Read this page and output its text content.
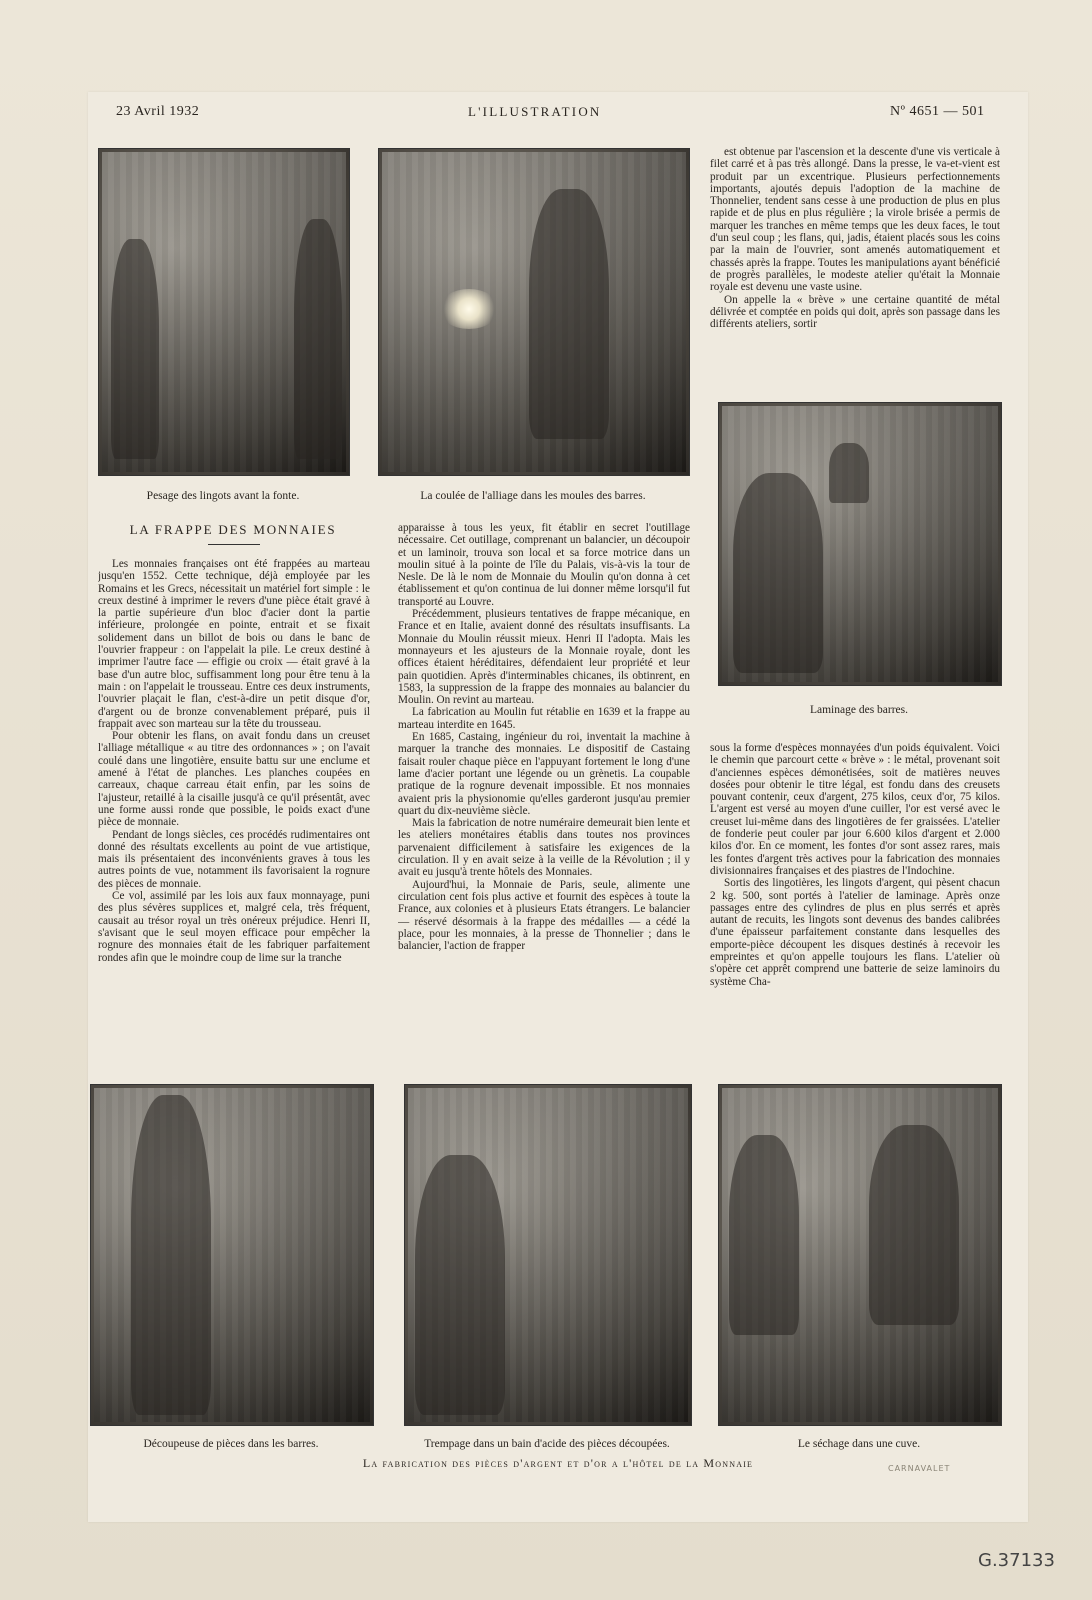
23 Avril 1932	L'ILLUSTRATION	Nº 4651 — 501
Pesage des lingots avant la fonte.	La coulée de l'alliage dans les moules des barres.

est obtenue par l'ascension et la descente d'une vis verticale à filet carré et à pas très allongé. Dans la presse, le va-et-vient est produit par un excentrique. Plusieurs perfectionnements importants, ajoutés depuis l'adoption de la machine de Thonnelier, tendent sans cesse à une production de plus en plus rapide et de plus en plus régulière ; la virole brisée a permis de marquer les tranches en même temps que les deux faces, le tout d'un seul coup ; les flans, qui, jadis, étaient placés sous les coins par la main de l'ouvrier, sont amenés automatiquement et chassés après la frappe. Toutes les manipulations ayant bénéficié de progrès parallèles, le modeste atelier qu'était la Monnaie royale est devenu une vaste usine.

On appelle la « brève » une certaine quantité de métal délivrée et comptée en poids qui doit, après son passage dans les différents ateliers, sortir

Laminage des barres.
LA FRAPPE DES MONNAIES

Les monnaies françaises ont été frappées au marteau jusqu'en 1552. Cette technique, déjà employée par les Romains et les Grecs, nécessitait un matériel fort simple : le creux destiné à imprimer le revers d'une pièce était gravé à la partie supérieure d'un bloc d'acier dont la partie inférieure, prolongée en pointe, entrait et se fixait solidement dans un billot de bois ou dans le banc de l'ouvrier frappeur : on l'appelait la pile. Le creux destiné à imprimer l'autre face — effigie ou croix — était gravé à la base d'un autre bloc, suffisamment long pour être tenu à la main : on l'appelait le trousseau. Entre ces deux instruments, l'ouvrier plaçait le flan, c'est-à-dire un petit disque d'or, d'argent ou de bronze convenablement préparé, puis il frappait avec son marteau sur la tête du trousseau.

Pour obtenir les flans, on avait fondu dans un creuset l'alliage métallique « au titre des ordonnances » ; on l'avait coulé dans une lingotière, ensuite battu sur une enclume et amené à l'état de planches. Les planches coupées en carreaux, chaque carreau était enfin, par les soins de l'ajusteur, retaillé à la cisaille jusqu'à ce qu'il présentât, avec une forme aussi ronde que possible, le poids exact d'une pièce de monnaie.

Pendant de longs siècles, ces procédés rudimentaires ont donné des résultats excellents au point de vue artistique, mais ils présentaient des inconvénients graves à tous les autres points de vue, notamment ils favorisaient la rognure des pièces de monnaie.

Ce vol, assimilé par les lois aux faux monnayage, puni des plus sévères supplices et, malgré cela, très fréquent, causait au trésor royal un très onéreux préjudice. Henri II, s'avisant que le seul moyen efficace pour empêcher la rognure des monnaies était de les fabriquer parfaitement rondes afin que le moindre coup de lime sur la tranche

apparaisse à tous les yeux, fit établir en secret l'outillage nécessaire. Cet outillage, comprenant un balancier, un découpoir et un laminoir, trouva son local et sa force motrice dans un moulin situé à la pointe de l'île du Palais, vis-à-vis la tour de Nesle. De là le nom de Monnaie du Moulin qu'on donna à cet établissement et qu'on continua de lui donner même lorsqu'il fut transporté au Louvre.

Précédemment, plusieurs tentatives de frappe mécanique, en France et en Italie, avaient donné des résultats insuffisants. La Monnaie du Moulin réussit mieux. Henri II l'adopta. Mais les monnayeurs et les ajusteurs de la Monnaie royale, dont les offices étaient héréditaires, défendaient leur propriété et leur pain quotidien. Après d'interminables chicanes, ils obtinrent, en 1583, la suppression de la frappe des monnaies au balancier du Moulin. On revint au marteau.

La fabrication au Moulin fut rétablie en 1639 et la frappe au marteau interdite en 1645.

En 1685, Castaing, ingénieur du roi, inventait la machine à marquer la tranche des monnaies. Le dispositif de Castaing faisait rouler chaque pièce en l'appuyant fortement le long d'une lame d'acier portant une légende ou un grènetis. La coupable pratique de la rognure devenait impossible. Et nos monnaies avaient pris la physionomie qu'elles garderont jusqu'au premier quart du dix-neuvième siècle.

Mais la fabrication de notre numéraire demeurait bien lente et les ateliers monétaires établis dans toutes nos provinces parvenaient difficilement à satisfaire les exigences de la circulation. Il y en avait seize à la veille de la Révolution ; il y avait eu jusqu'à trente hôtels des Monnaies.

Aujourd'hui, la Monnaie de Paris, seule, alimente une circulation cent fois plus active et fournit des espèces à toute la France, aux colonies et à plusieurs Etats étrangers. Le balancier — réservé désormais à la frappe des médailles — a cédé la place, pour les monnaies, à la presse de Thonnelier ; dans le balancier, l'action de frapper

sous la forme d'espèces monnayées d'un poids équivalent. Voici le chemin que parcourt cette « brève » : le métal, provenant soit d'anciennes espèces démonétisées, soit de matières neuves dosées pour obtenir le titre légal, est fondu dans des creusets pouvant contenir, ceux d'argent, 275 kilos, ceux d'or, 75 kilos. L'argent est versé au moyen d'une cuiller, l'or est versé avec le creuset lui-même dans des lingotières de fer graissées. L'atelier de fonderie peut couler par jour 6.600 kilos d'argent et 2.000 kilos d'or. En ce moment, les fontes d'or sont assez rares, mais les fontes d'argent très actives pour la fabrication des monnaies divisionnaires françaises et des piastres de l'Indochine.

Sortis des lingotières, les lingots d'argent, qui pèsent chacun 2 kg. 500, sont portés à l'atelier de laminage. Après onze passages entre des cylindres de plus en plus serrés et après autant de recuits, les lingots sont devenus des bandes calibrées d'une épaisseur parfaitement constante dans lesquelles des emporte-pièce découpent les disques destinés à recevoir les empreintes et qu'on appelle toujours les flans. L'atelier où s'opère cet apprêt comprend une batterie de seize laminoirs du système Cha-

Découpeuse de pièces dans les barres.	Trempage dans un bain d'acide des pièces découpées.	Le séchage dans une cuve.
La fabrication des pièces d'argent et d'or a l'hôtel de la Monnaie	CARNAVALET
G.37133
